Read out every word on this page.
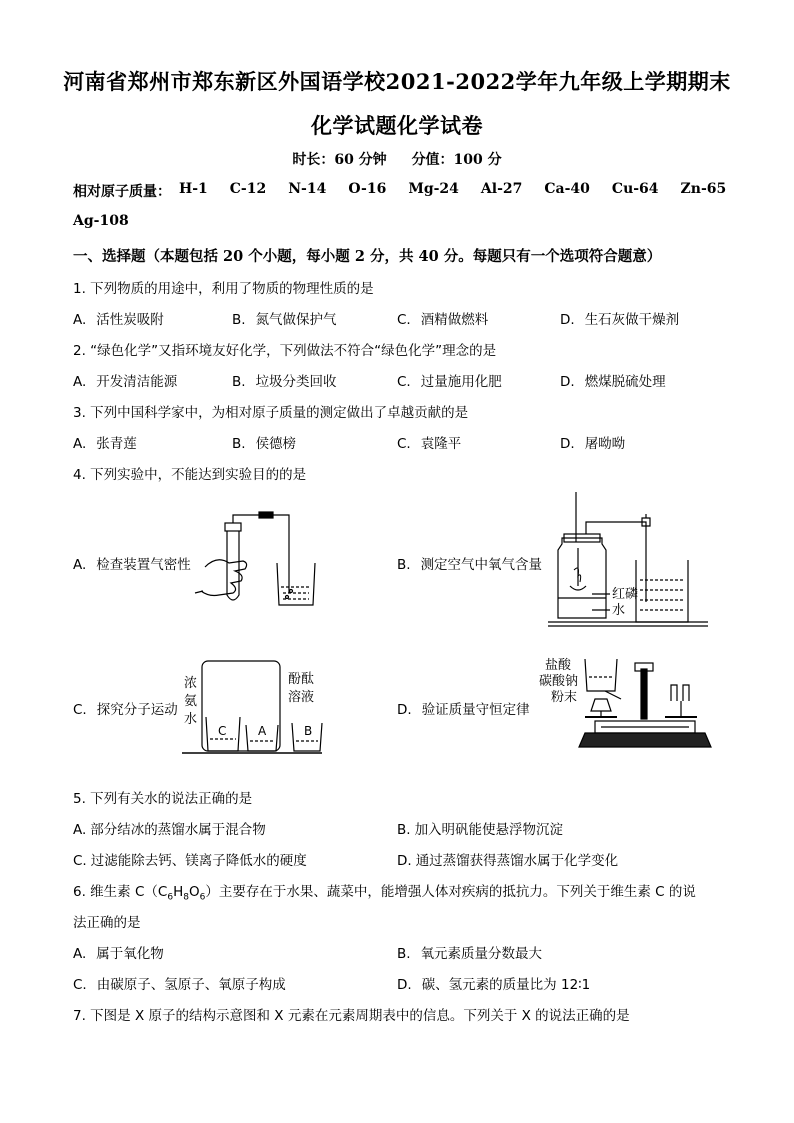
河南省郑州市郑东新区外国语学校2021-2022学年九年级上学期期末
化学试题化学试卷
时长：60 分钟 分值：100 分
相对原子质量： H-1 C-12 N-14 O-16 Mg-24 Al-27 Ca-40 Cu-64 Zn-65
Ag-108
一、选择题（本题包括 20 个小题，每小题 2 分，共 40 分。每题只有一个选项符合题意）
1. 下列物质的用途中，利用了物质的物理性质的是
A. 活性炭吸附	B. 氮气做保护气	C. 酒精做燃料	D. 生石灰做干燥剂
2. “绿色化学”又指环境友好化学，下列做法不符合“绿色化学”理念的是
A. 开发清洁能源	B. 垃圾分类回收	C. 过量施用化肥	D. 燃煤脱硫处理
3. 下列中国科学家中，为相对原子质量的测定做出了卓越贡献的是
A. 张青莲	B. 侯德榜	C. 袁隆平	D. 屠呦呦
4. 下列实验中，不能达到实验目的的是
A. 检查装置气密性	B. 测定空气中氧气含量
C. 探究分子运动	D. 验证质量守恒定律
红磷
水
浓
氨
水
酚酞
溶液
C	A	B
盐酸
碳酸钠
粉末
5. 下列有关水的说法正确的是
A. 部分结冰的蒸馏水属于混合物	B. 加入明矾能使悬浮物沉淀
C. 过滤能除去钙、镁离子降低水的硬度	D. 通过蒸馏获得蒸馏水属于化学变化
6. 维生素 $C(C_6H_8O_6)$主要存在于水果、蔬菜中，能增强人体对疾病的抵抗力。下列关于维生素 C 的说
法正确的是
A. 属于氧化物	B. 氧元素质量分数最大
C. 由碳原子、氢原子、氧原子构成	D. 碳、氢元素的质量比为 12∶1
7. 下图是 X 原子的结构示意图和 X 元素在元素周期表中的信息。下列关于 X 的说法正确的是
